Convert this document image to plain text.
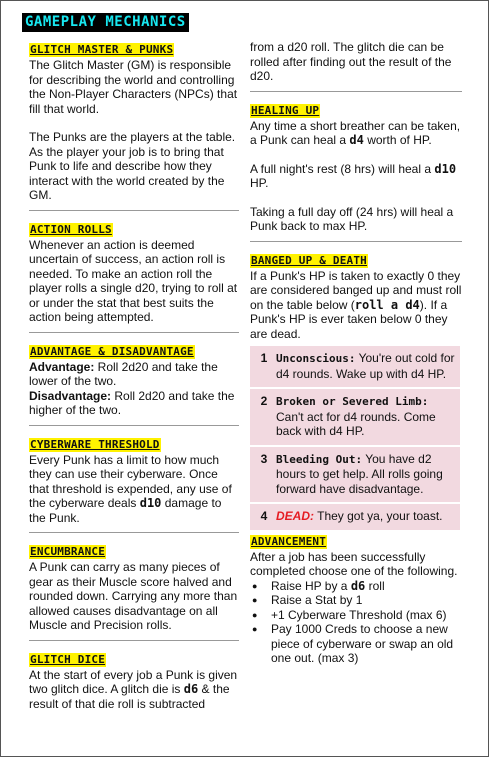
GAMEPLAY MECHANICS
GLITCH MASTER & PUNKS

The Glitch Master (GM) is responsible for describing the world and controlling the Non-Player Characters (NPCs) that fill that world.

The Punks are the players at the table. As the player your job is to bring that Punk to life and describe how they interact with the world created by the GM.

ACTION ROLLS

Whenever an action is deemed uncertain of success, an action roll is needed. To make an action roll the player rolls a single d20, trying to roll at or under the stat that best suits the action being attempted.

ADVANTAGE & DISADVANTAGE

Advantage: Roll 2d20 and take the lower of the two.

Disadvantage: Roll 2d20 and take the higher of the two.

CYBERWARE THRESHOLD

Every Punk has a limit to how much they can use their cyberware. Once that threshold is expended, any use of the cyberware deals d10 damage to the Punk.

ENCUMBRANCE

A Punk can carry as many pieces of gear as their Muscle score halved and rounded down. Carrying any more than allowed causes disadvantage on all Muscle and Precision rolls.

GLITCH DICE

At the start of every job a Punk is given two glitch dice. A glitch die is d6 & the result of that die roll is subtracted

from a d20 roll. The glitch die can be rolled after finding out the result of the d20.

HEALING UP

Any time a short breather can be taken, a Punk can heal a d4 worth of HP.

A full night's rest (8 hrs) will heal a d10 HP.

Taking a full day off (24 hrs) will heal a Punk back to max HP.

BANGED UP & DEATH

If a Punk's HP is taken to exactly 0 they are considered banged up and must roll on the table below (roll a d4). If a Punk's HP is ever taken below 0 they are dead.

1 Unconscious: You're out cold for d4 rounds. Wake up with d4 HP.
2 Broken or Severed Limb: Can't act for d4 rounds. Come back with d4 HP.
3 Bleeding Out: You have d2 hours to get help. All rolls going forward have disadvantage.
4 DEAD: They got ya, your toast.
ADVANCEMENT

After a job has been successfully completed choose one of the following.

● Raise HP by a d6 roll
● Raise a Stat by 1
● +1 Cyberware Threshold (max 6)
● Pay 1000 Creds to choose a new piece of cyberware or swap an old one out. (max 3)
